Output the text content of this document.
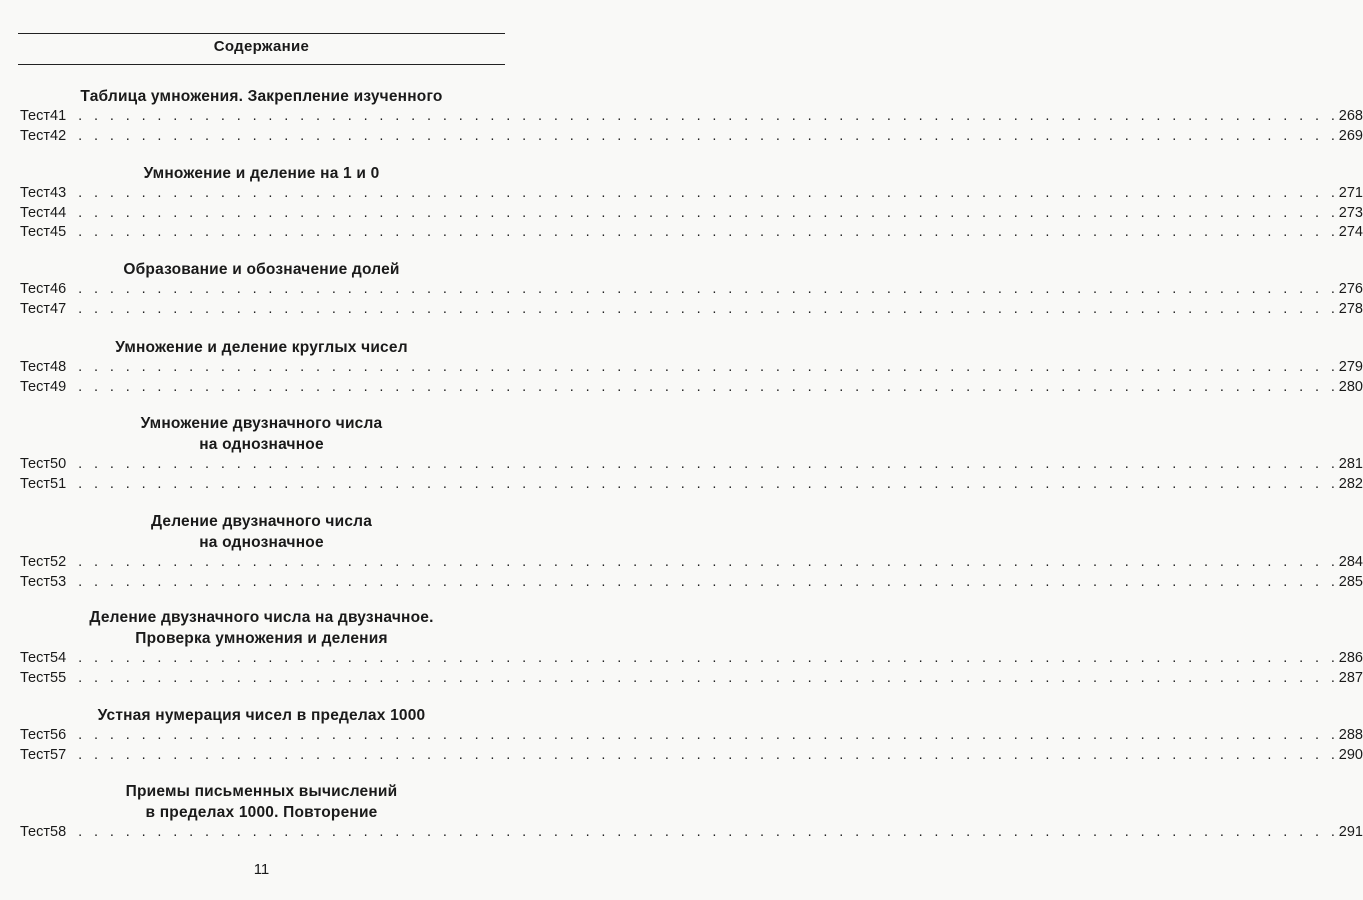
Содержание
Таблица умножения. Закрепление изученного
Тест 41 . . . . . . . . . . . . . . . . . . . . . . . . . . . . . . . . . . . . . . . . . . . . . . . . . . . . . . . . . . . . . . . . . . . . . . . . . . . . . . . . 268
Тест 42 . . . . . . . . . . . . . . . . . . . . . . . . . . . . . . . . . . . . . . . . . . . . . . . . . . . . . . . . . . . . . . . . . . . . . . . . . . . . . . . . 269
Умножение и деление на 1 и 0
Тест 43 . . . . . . . . . . . . . . . . . . . . . . . . . . . . . . . . . . . . . . . . . . . . . . . . . . . . . . . . . . . . . . . . . . . . . . . . . . . . . . . . 271
Тест 44 . . . . . . . . . . . . . . . . . . . . . . . . . . . . . . . . . . . . . . . . . . . . . . . . . . . . . . . . . . . . . . . . . . . . . . . . . . . . . . . . 273
Тест 45 . . . . . . . . . . . . . . . . . . . . . . . . . . . . . . . . . . . . . . . . . . . . . . . . . . . . . . . . . . . . . . . . . . . . . . . . . . . . . . . . 274
Образование и обозначение долей
Тест 46 . . . . . . . . . . . . . . . . . . . . . . . . . . . . . . . . . . . . . . . . . . . . . . . . . . . . . . . . . . . . . . . . . . . . . . . . . . . . . . . . 276
Тест 47 . . . . . . . . . . . . . . . . . . . . . . . . . . . . . . . . . . . . . . . . . . . . . . . . . . . . . . . . . . . . . . . . . . . . . . . . . . . . . . . . 278
Умножение и деление круглых чисел
Тест 48 . . . . . . . . . . . . . . . . . . . . . . . . . . . . . . . . . . . . . . . . . . . . . . . . . . . . . . . . . . . . . . . . . . . . . . . . . . . . . . . . 279
Тест 49 . . . . . . . . . . . . . . . . . . . . . . . . . . . . . . . . . . . . . . . . . . . . . . . . . . . . . . . . . . . . . . . . . . . . . . . . . . . . . . . . 280
Умножение двузначного числа
на однозначное
Тест 50 . . . . . . . . . . . . . . . . . . . . . . . . . . . . . . . . . . . . . . . . . . . . . . . . . . . . . . . . . . . . . . . . . . . . . . . . . . . . . . . . 281
Тест 51 . . . . . . . . . . . . . . . . . . . . . . . . . . . . . . . . . . . . . . . . . . . . . . . . . . . . . . . . . . . . . . . . . . . . . . . . . . . . . . . . 282
Деление двузначного числа
на однозначное
Тест 52 . . . . . . . . . . . . . . . . . . . . . . . . . . . . . . . . . . . . . . . . . . . . . . . . . . . . . . . . . . . . . . . . . . . . . . . . . . . . . . . . 284
Тест 53 . . . . . . . . . . . . . . . . . . . . . . . . . . . . . . . . . . . . . . . . . . . . . . . . . . . . . . . . . . . . . . . . . . . . . . . . . . . . . . . . 285
Деление двузначного числа на двузначное.
Проверка умножения и деления
Тест 54 . . . . . . . . . . . . . . . . . . . . . . . . . . . . . . . . . . . . . . . . . . . . . . . . . . . . . . . . . . . . . . . . . . . . . . . . . . . . . . . . 286
Тест 55 . . . . . . . . . . . . . . . . . . . . . . . . . . . . . . . . . . . . . . . . . . . . . . . . . . . . . . . . . . . . . . . . . . . . . . . . . . . . . . . . 287
Устная нумерация чисел в пределах 1000
Тест 56 . . . . . . . . . . . . . . . . . . . . . . . . . . . . . . . . . . . . . . . . . . . . . . . . . . . . . . . . . . . . . . . . . . . . . . . . . . . . . . . . 288
Тест 57 . . . . . . . . . . . . . . . . . . . . . . . . . . . . . . . . . . . . . . . . . . . . . . . . . . . . . . . . . . . . . . . . . . . . . . . . . . . . . . . . 290
Приемы письменных вычислений
в пределах 1000. Повторение
Тест 58 . . . . . . . . . . . . . . . . . . . . . . . . . . . . . . . . . . . . . . . . . . . . . . . . . . . . . . . . . . . . . . . . . . . . . . . . . . . . . . . . 291
11
